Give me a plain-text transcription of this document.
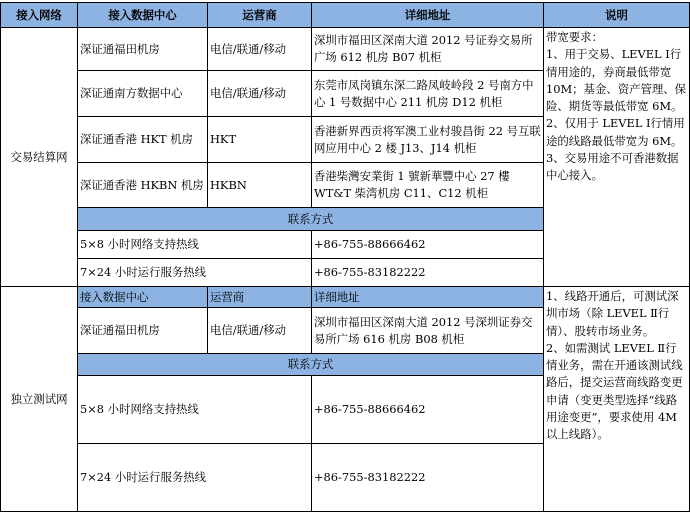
接入网络	接入数据中心	运营商	详细地址	说明
交易结算网	深证通福田机房	电信/联通/移动	深圳市福田区深南大道 2012 号证券交易所广场 612 机房 B07 机柜	带宽要求：

1、用于交易、LEVEL Ⅰ行情用途的，券商最低带宽 10M；基金、资产管理、保险、期货等最低带宽 6M。

2、仅用于 LEVEL Ⅰ行情用途的线路最低带宽为 6M。

3、交易用途不可香港数据中心接入。

	深证通南方数据中心	电信/联通/移动	东莞市凤岗镇东深二路凤岐岭段 2 号南方中心 1 号数据中心 211 机房 D12 机柜	
	深证通香港 HKT 机房	HKT	香港新界西贡将军澳工业村骏昌街 22 号互联网应用中心 2 楼 J13、J14 机柜	
	深证通香港 HKBN 机房	HKBN	香港柴灣安業街 1 號新華豐中心 27 樓 WT&T 柴湾机房 C11、C12 机柜	
	联系方式			
	5×8 小时网络支持热线		+86-755-88666462	
	7×24 小时运行服务热线		+86-755-83182222	
独立测试网	接入数据中心	运营商	详细地址	1、线路开通后，可测试深圳市场（除 LEVEL Ⅱ行情）、股转市场业务。

2、如需测试 LEVEL Ⅱ行情业务，需在开通该测试线路后，提交运营商线路变更申请（变更类型选择“线路用途变更”，要求使用 4M 以上线路）。

	深证通福田机房	电信/联通/移动	深圳市福田区深南大道 2012 号深圳证券交易所广场 616 机房 B08 机柜	
	联系方式			
	5×8 小时网络支持热线		+86-755-88666462	
	7×24 小时运行服务热线		+86-755-83182222	
